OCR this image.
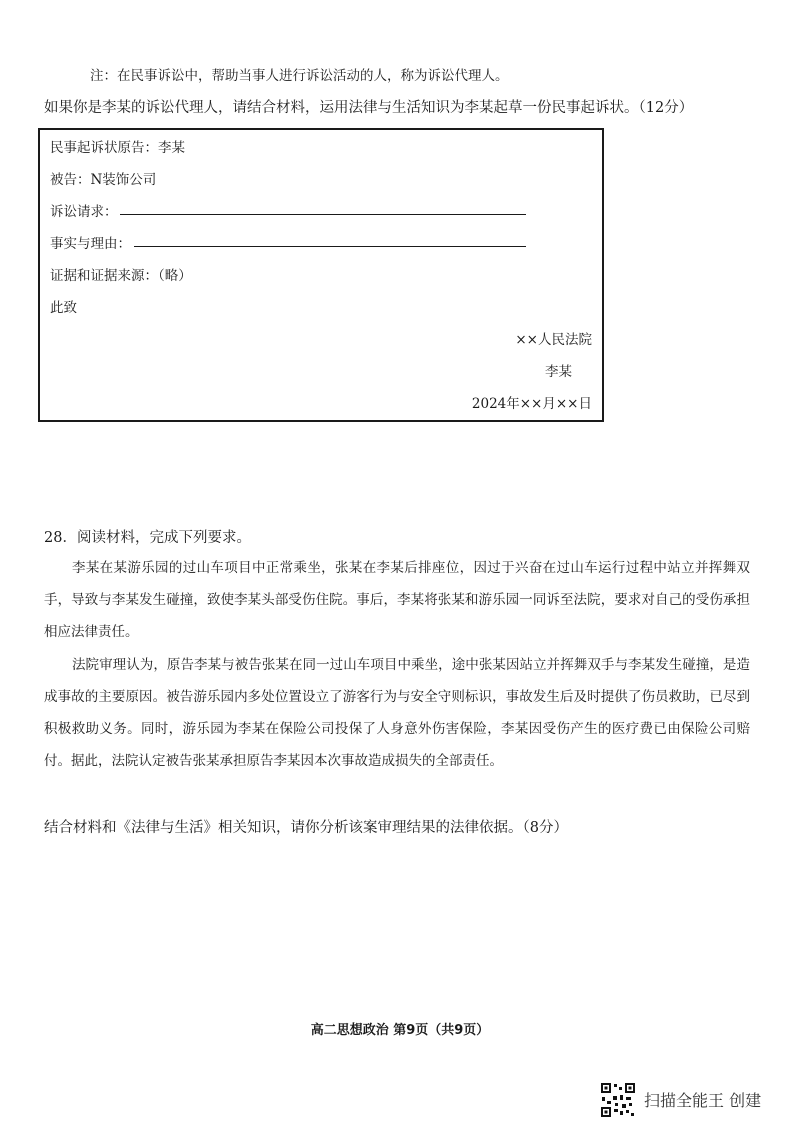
注：在民事诉讼中，帮助当事人进行诉讼活动的人，称为诉讼代理人。
如果你是李某的诉讼代理人，请结合材料，运用法律与生活知识为李某起草一份民事起诉状。（12分）
民事起诉状原告：李某
被告：N装饰公司
诉讼请求：
事实与理由：
证据和证据来源：（略）
此致
××人民法院
李某
2024年××月××日
28．阅读材料，完成下列要求。
李某在某游乐园的过山车项目中正常乘坐，张某在李某后排座位，因过于兴奋在过山车运行过程中站立并挥舞双手，导致与李某发生碰撞，致使李某头部受伤住院。事后，李某将张某和游乐园一同诉至法院，要求对自己的受伤承担相应法律责任。
法院审理认为，原告李某与被告张某在同一过山车项目中乘坐，途中张某因站立并挥舞双手与李某发生碰撞，是造成事故的主要原因。被告游乐园内多处位置设立了游客行为与安全守则标识，事故发生后及时提供了伤员救助，已尽到积极救助义务。同时，游乐园为李某在保险公司投保了人身意外伤害保险，李某因受伤产生的医疗费已由保险公司赔付。据此，法院认定被告张某承担原告李某因本次事故造成损失的全部责任。
结合材料和《法律与生活》相关知识，请你分析该案审理结果的法律依据。（8分）
高二思想政治 第9页（共9页）
扫描全能王 创建
